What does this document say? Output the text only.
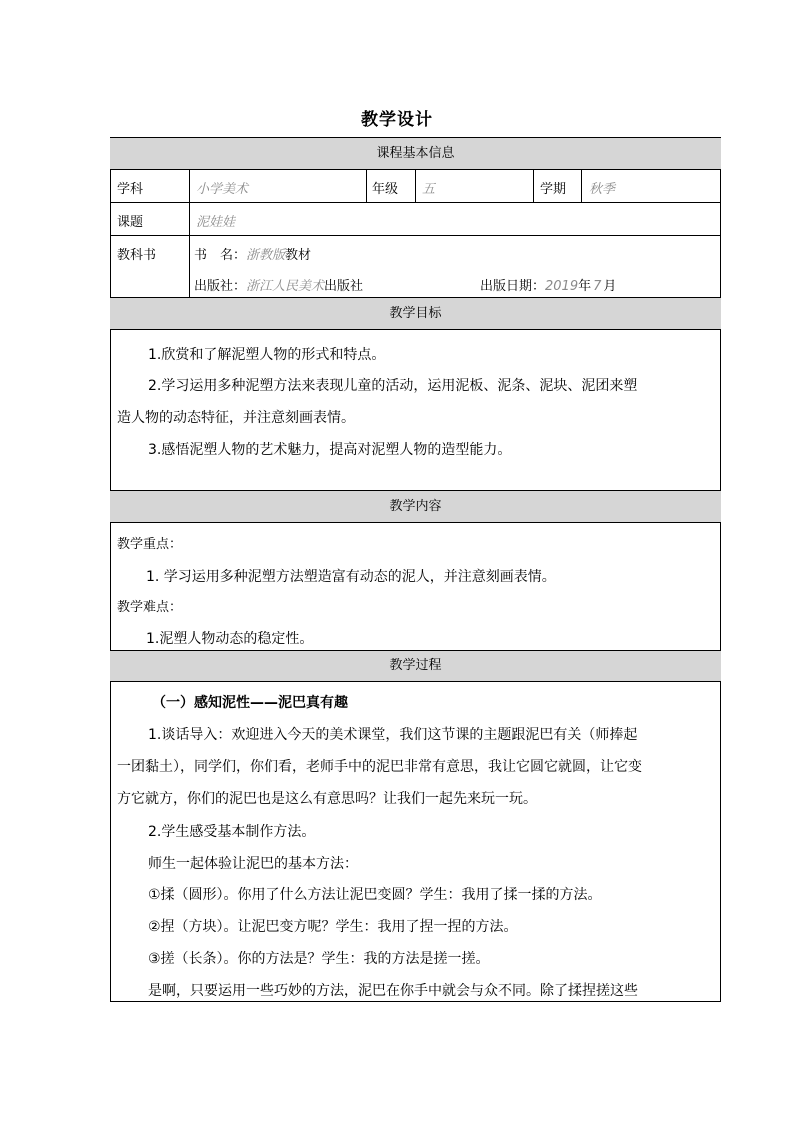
教学设计
课程基本信息
教学目标
教学内容
教学过程
学科	小学美术	年级 五	学期 秋季
课题	泥娃娃
教科书	书　名：浙教版教材
出版社：浙江人民美术出版社	出版日期：2019年 7 月
1.欣赏和了解泥塑人物的形式和特点。
2.学习运用多种泥塑方法来表现儿童的活动，运用泥板、泥条、泥块、泥团来塑
造人物的动态特征，并注意刻画表情。
3.感悟泥塑人物的艺术魅力，提高对泥塑人物的造型能力。
教学重点：
1. 学习运用多种泥塑方法塑造富有动态的泥人，并注意刻画表情。
教学难点：
1.泥塑人物动态的稳定性。
（一）感知泥性——泥巴真有趣
1.谈话导入：欢迎进入今天的美术课堂，我们这节课的主题跟泥巴有关（师捧起
一团黏土），同学们，你们看，老师手中的泥巴非常有意思，我让它圆它就圆，让它变
方它就方，你们的泥巴也是这么有意思吗？让我们一起先来玩一玩。
2.学生感受基本制作方法。
师生一起体验让泥巴的基本方法：
①揉（圆形）。你用了什么方法让泥巴变圆？学生：我用了揉一揉的方法。
②捏（方块）。让泥巴变方呢？学生：我用了捏一捏的方法。
③搓（长条）。你的方法是？学生：我的方法是搓一搓。
是啊，只要运用一些巧妙的方法，泥巴在你手中就会与众不同。除了揉捏搓这些
